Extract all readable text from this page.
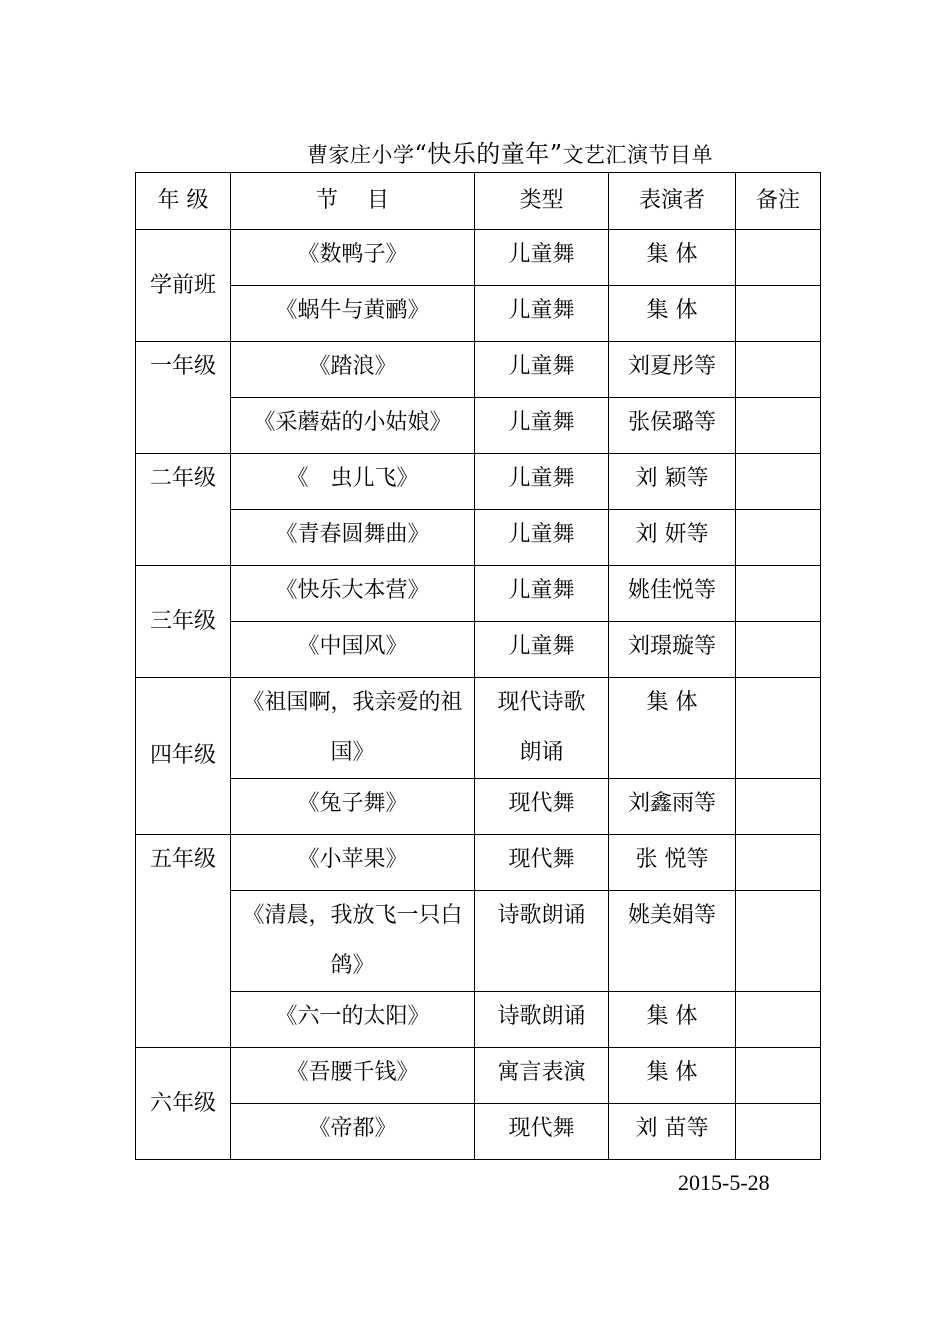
曹家庄小学“快乐的童年”文艺汇演节目单
年 级	节　 目	类型	表演者	备注
学前班	《数鸭子》	儿童舞	集 体	
	《蜗牛与黄鹂》	儿童舞	集 体	
一年级	《踏浪》	儿童舞	刘夏彤等	
	《采蘑菇的小姑娘》	儿童舞	张侯璐等	
二年级	《　虫儿飞》	儿童舞	刘 颖等	
	《青春圆舞曲》	儿童舞	刘 妍等	
三年级	《快乐大本营》	儿童舞	姚佳悦等	
	《中国风》	儿童舞	刘璟璇等	
四年级	《祖国啊，我亲爱的祖国》	现代诗歌朗诵	集 体	
	《兔子舞》	现代舞	刘鑫雨等	
五年级	《小苹果》	现代舞	张 悦等	
	《清晨，我放飞一只白鸽》	诗歌朗诵	姚美娟等	
	《六一的太阳》	诗歌朗诵	集 体	
六年级	《吾腰千钱》	寓言表演	集 体	
	《帝都》	现代舞	刘 苗等	
2015-5-28
